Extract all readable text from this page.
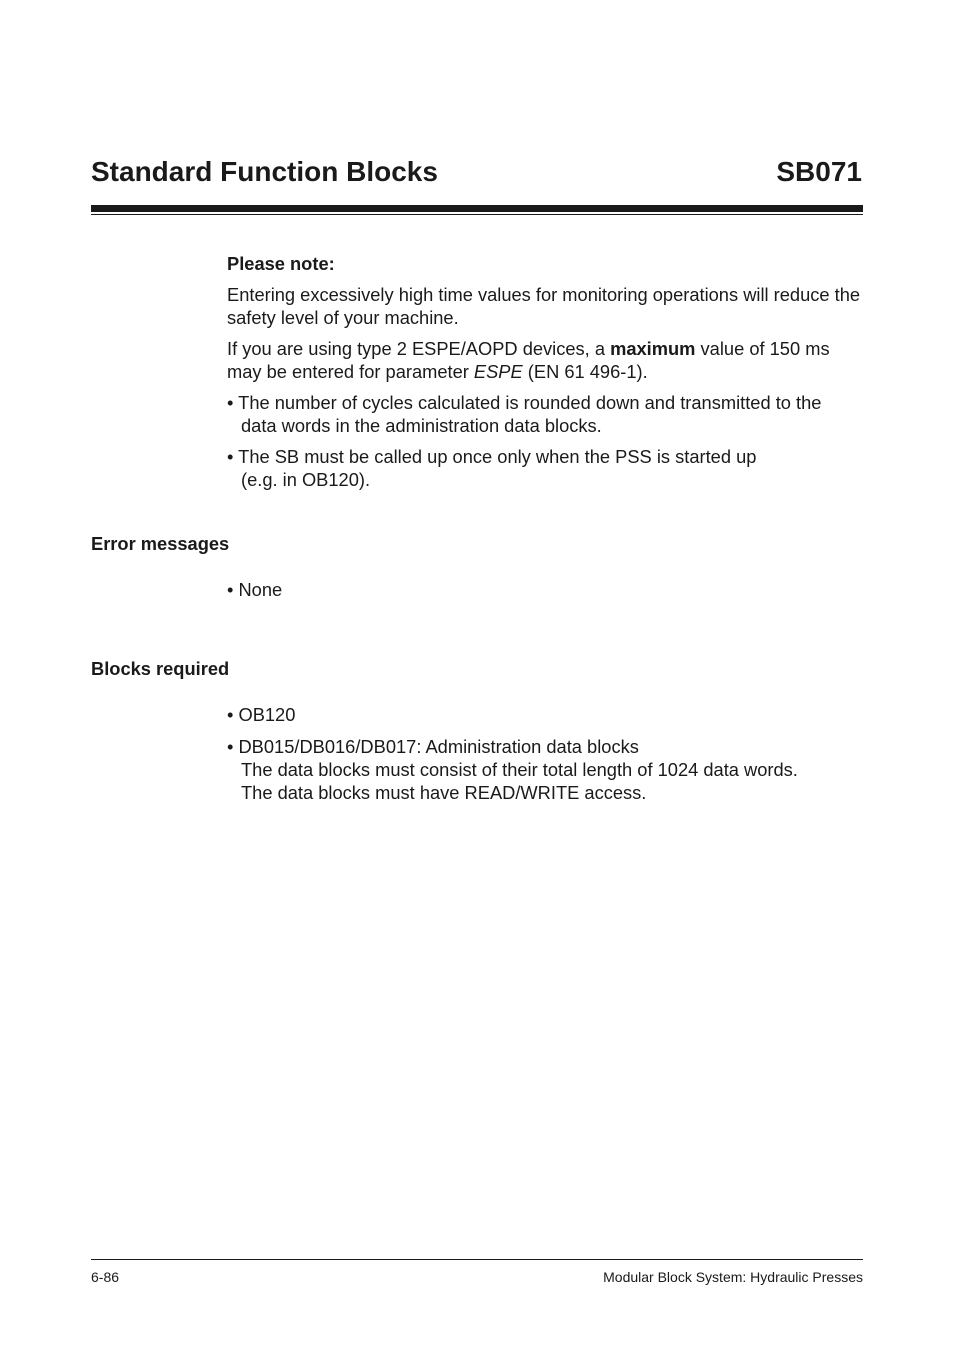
Standard Function Blocks	SB071

Please note:

Entering excessively high time values for monitoring operations will reduce the safety level of your machine.

If you are using type 2 ESPE/AOPD devices, a maximum value of 150 ms may be entered for parameter ESPE (EN 61 496-1).

• The number of cycles calculated is rounded down and transmitted to the

data words in the administration data blocks.

• The SB must be called up once only when the PSS is started up

(e.g. in OB120).

Error messages

• None

Blocks required

• OB120

• DB015/DB016/DB017: Administration data blocks

The data blocks must consist of their total length of 1024 data words.

The data blocks must have READ/WRITE access.

6-86	Modular Block System: Hydraulic Presses
